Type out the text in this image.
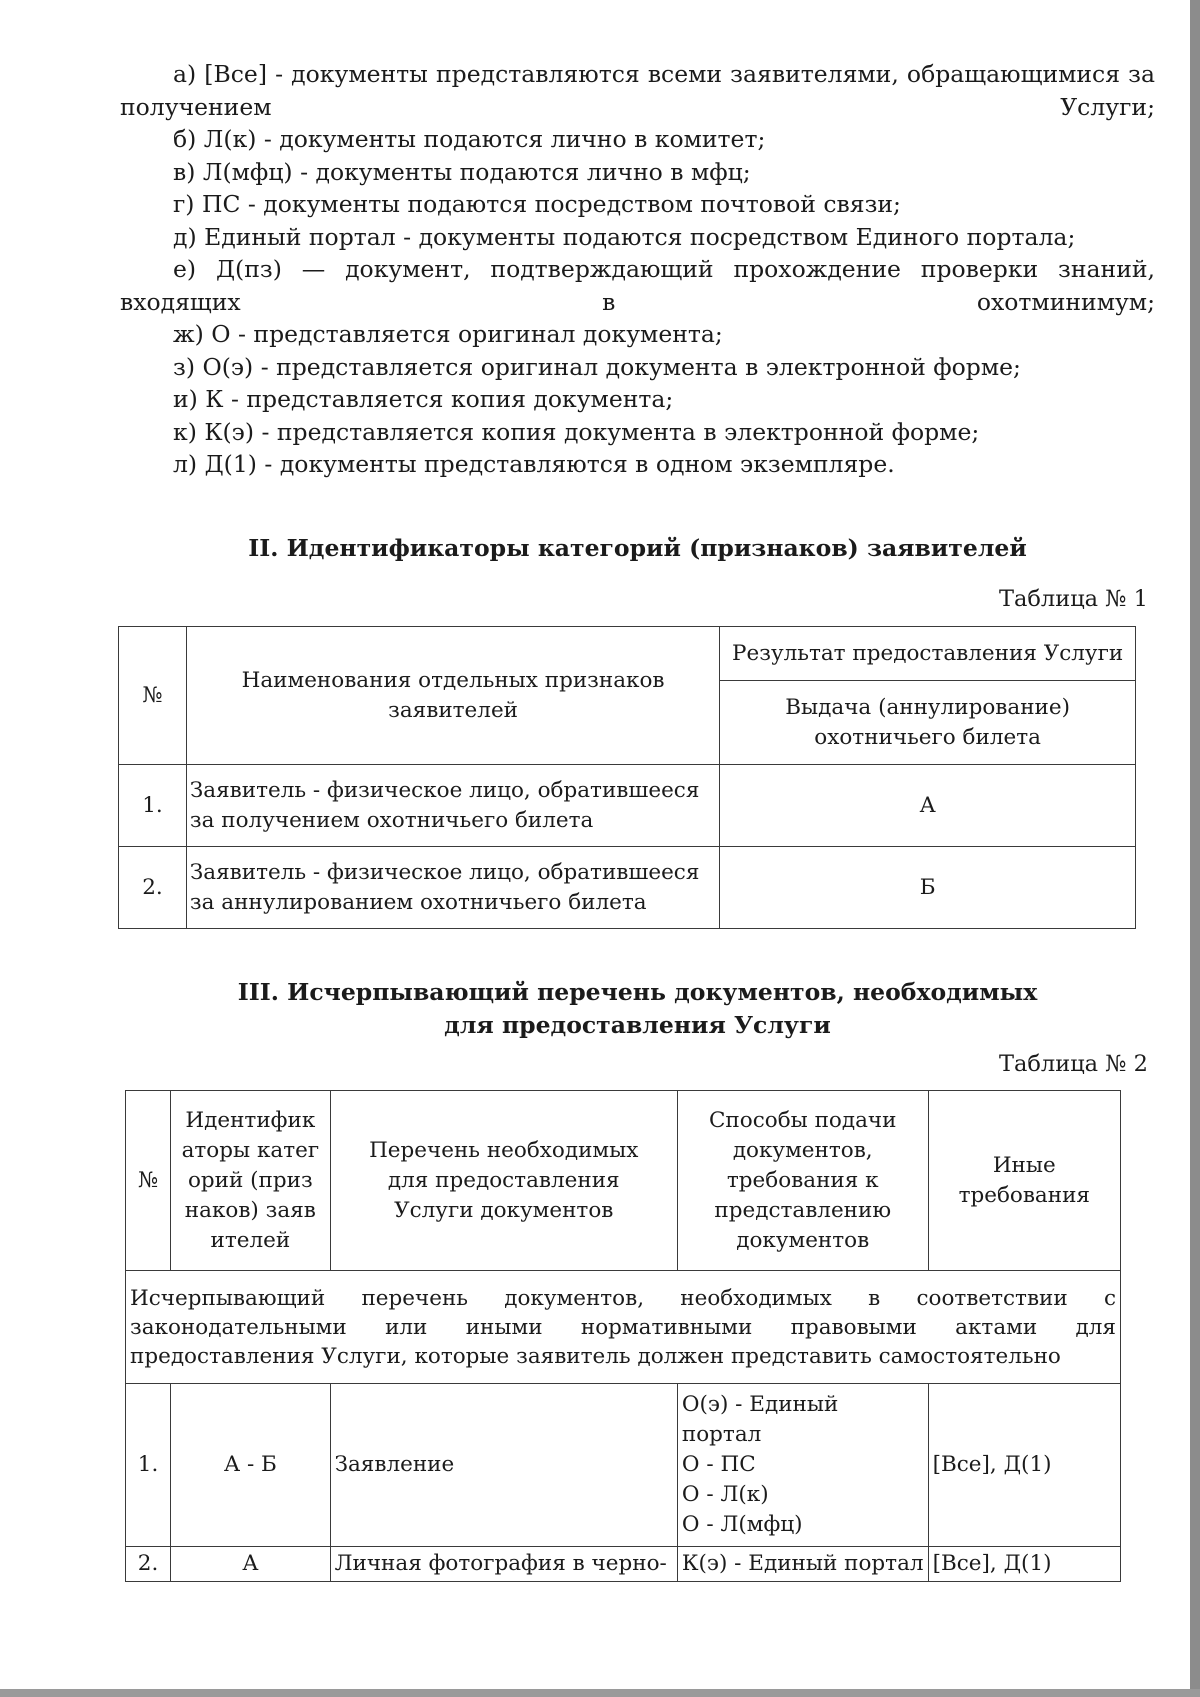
а) [Все] - документы представляются всеми заявителями, обращающимися за получением Услуги;
б) Л(к) - документы подаются лично в комитет;
в) Л(мфц) - документы подаются лично в мфц;
г) ПС - документы подаются посредством почтовой связи;
д) Единый портал - документы подаются посредством Единого портала;
е) Д(пз) — документ, подтверждающий прохождение проверки знаний, входящих в охотминимум;
ж) О - представляется оригинал документа;
з) О(э) - представляется оригинал документа в электронной форме;
и) К - представляется копия документа;
к) К(э) - представляется копия документа в электронной форме;
л) Д(1) - документы представляются в одном экземпляре.
II. Идентификаторы категорий (признаков) заявителей
Таблица № 1
№	Наименования отдельных признаков заявителей	Результат предоставления Услуги
		Выдача (аннулирование) охотничьего билета
1.	Заявитель - физическое лицо, обратившееся за получением охотничьего билета	А
2.	Заявитель - физическое лицо, обратившееся за аннулированием охотничьего билета	Б
III. Исчерпывающий перечень документов, необходимых
для предоставления Услуги
Таблица № 2
№	Идентификаторы категорий (признаков) заявителей	Перечень необходимых для предоставления Услуги документов	Способы подачи документов, требования к представлению документов	Иные требования
Исчерпывающий перечень документов, необходимых в соответствии с законодательными или иными нормативными правовыми актами для предоставления Услуги, которые заявитель должен представить самостоятельно				
1.	А - Б	Заявление	О(э) - Единый портал
О - ПС
О - Л(к)
О - Л(мфц)	[Все], Д(1)
2.	А	Личная фотография в черно-	К(э) - Единый портал	[Все], Д(1)
